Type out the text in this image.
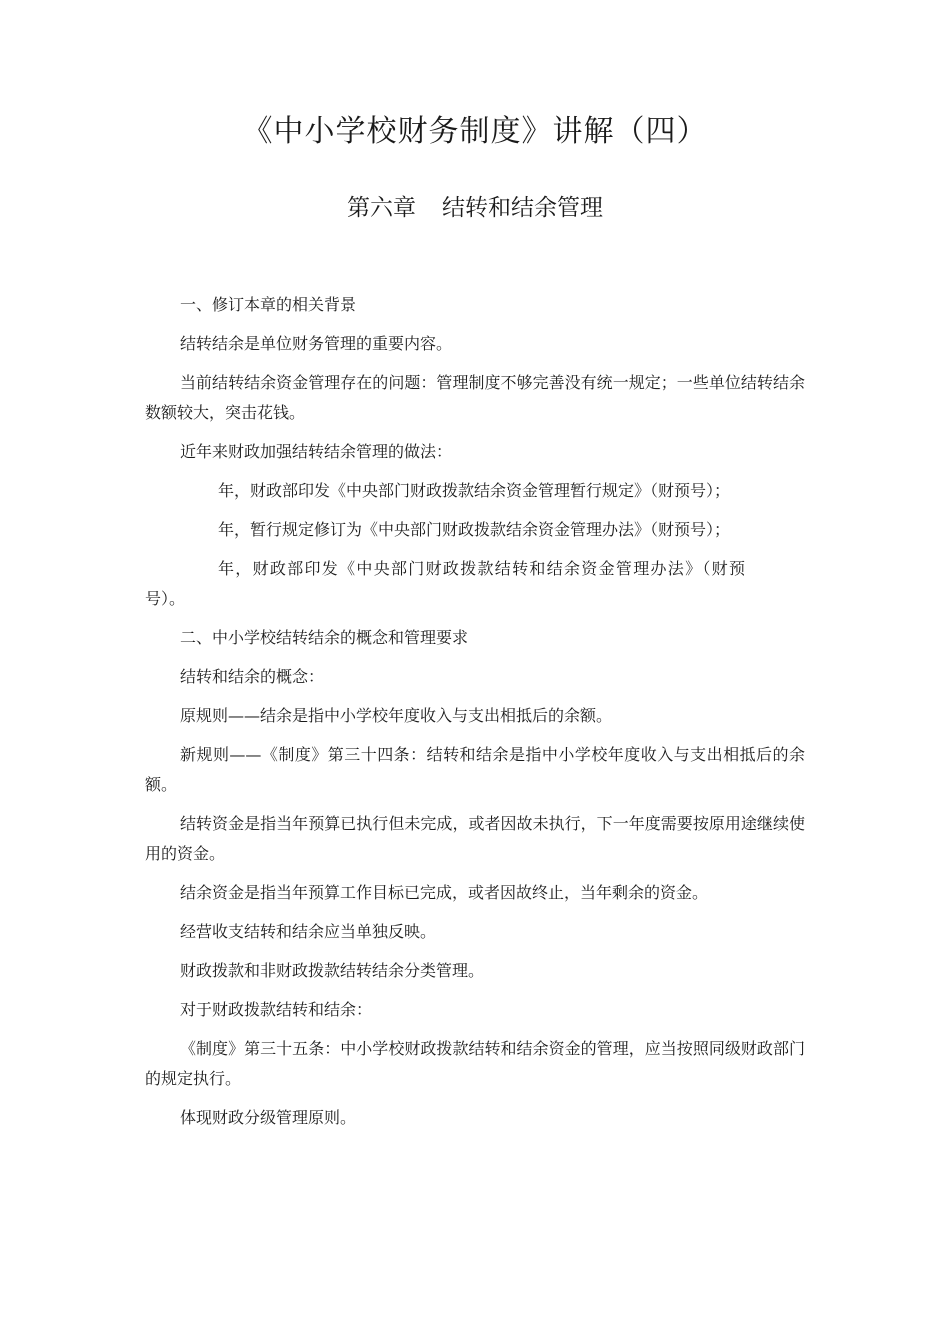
《中小学校财务制度》讲解（四）
第六章 结转和结余管理

一、修订本章的相关背景

结转结余是单位财务管理的重要内容。

当前结转结余资金管理存在的问题：管理制度不够完善没有统一规定；一些单位结转结余数额较大，突击花钱。

近年来财政加强结转结余管理的做法：

年，财政部印发《中央部门财政拨款结余资金管理暂行规定》（财预号）；

年，暂行规定修订为《中央部门财政拨款结余资金管理办法》（财预号）；

年，财政部印发《中央部门财政拨款结转和结余资金管理办法》（财预号）。

二、中小学校结转结余的概念和管理要求

结转和结余的概念：

原规则——结余是指中小学校年度收入与支出相抵后的余额。

新规则——《制度》第三十四条：结转和结余是指中小学校年度收入与支出相抵后的余额。

结转资金是指当年预算已执行但未完成，或者因故未执行，下一年度需要按原用途继续使用的资金。

结余资金是指当年预算工作目标已完成，或者因故终止，当年剩余的资金。

经营收支结转和结余应当单独反映。

财政拨款和非财政拨款结转结余分类管理。

对于财政拨款结转和结余：

《制度》第三十五条：中小学校财政拨款结转和结余资金的管理，应当按照同级财政部门的规定执行。

体现财政分级管理原则。
